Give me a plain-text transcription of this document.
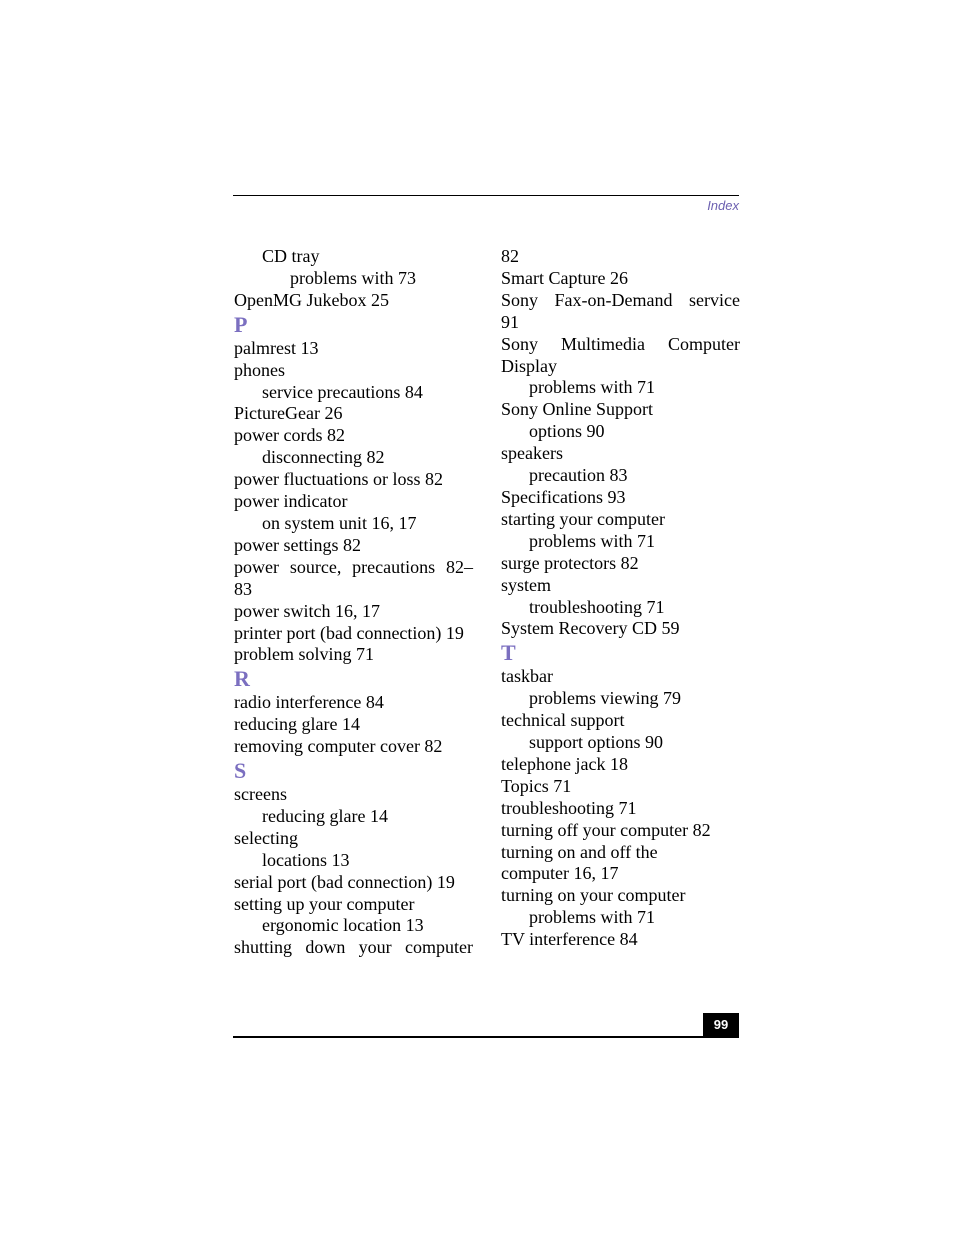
Index
CD tray
problems with 73
OpenMG Jukebox 25
P
palmrest 13
phones
service precautions 84
PictureGear 26
power cords 82
disconnecting 82
power fluctuations or loss 82
power indicator
on system unit 16, 17
power settings 82
power source, precautions 82–
83
power switch 16, 17
printer port (bad connection) 19
problem solving 71
R
radio interference 84
reducing glare 14
removing computer cover 82
S
screens
reducing glare 14
selecting
locations 13
serial port (bad connection) 19
setting up your computer
ergonomic location 13
shutting down your computer
82
Smart Capture 26
Sony Fax-on-Demand service
91
Sony Multimedia Computer
Display
problems with 71
Sony Online Support
options 90
speakers
precaution 83
Specifications 93
starting your computer
problems with 71
surge protectors 82
system
troubleshooting 71
System Recovery CD 59
T
taskbar
problems viewing 79
technical support
support options 90
telephone jack 18
Topics 71
troubleshooting 71
turning off your computer 82
turning on and off the
computer 16, 17
turning on your computer
problems with 71
TV interference 84
99
